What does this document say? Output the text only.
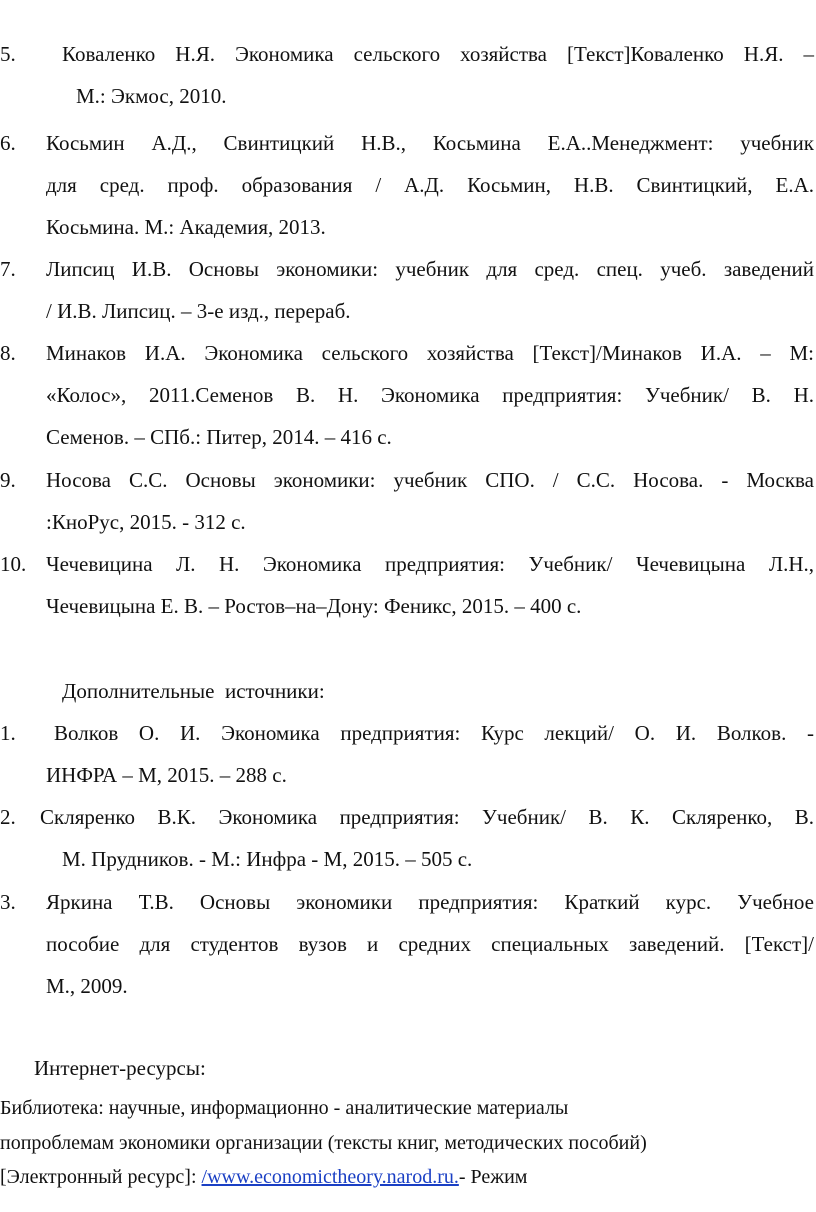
5. Коваленко Н.Я. Экономика сельского хозяйства [Текст]Коваленко Н.Я. –
М.: Экмос, 2010.
6. Косьмин А.Д., Свинтицкий Н.В., Косьмина Е.А..Менеджмент: учебник
для сред. проф. образования / А.Д. Косьмин, Н.В. Свинтицкий, Е.А.
Косьмина. М.: Академия, 2013.
7. Липсиц И.В. Основы экономики: учебник для сред. спец. учеб. заведений
/ И.В. Липсиц. – 3-е изд., перераб.
8. Минаков И.А. Экономика сельского хозяйства [Текст]/Минаков И.А. – М:
«Колос», 2011.Семенов В. Н. Экономика предприятия: Учебник/ В. Н.
Семенов. – СПб.: Питер, 2014. – 416 с.
9. Носова С.С. Основы экономики: учебник СПО. / С.С. Носова. - Москва
:КноРус, 2015. - 312 с.
10. Чечевицина Л. Н. Экономика предприятия: Учебник/ Чечевицына Л.Н.,
Чечевицына Е. В. – Ростов–на–Дону: Феникс, 2015. – 400 с.
Дополнительные  источники:
1. Волков О. И. Экономика предприятия: Курс лекций/ О. И. Волков. -
ИНФРА – М, 2015. – 288 с.
2. Скляренко В.К. Экономика предприятия: Учебник/ В. К. Скляренко, В.
М. Прудников. - М.: Инфра - М, 2015. – 505 с.
3. Яркина Т.В. Основы экономики предприятия: Краткий курс. Учебное
пособие для студентов вузов и средних специальных заведений. [Текст]/
М., 2009.
Интернет-ресурсы:
Библиотека: научные, информационно - аналитические материалы
попроблемам экономики организации (тексты книг, методических пособий)
[Электронный ресурс]: /www.economictheory.narod.ru.- Режим
